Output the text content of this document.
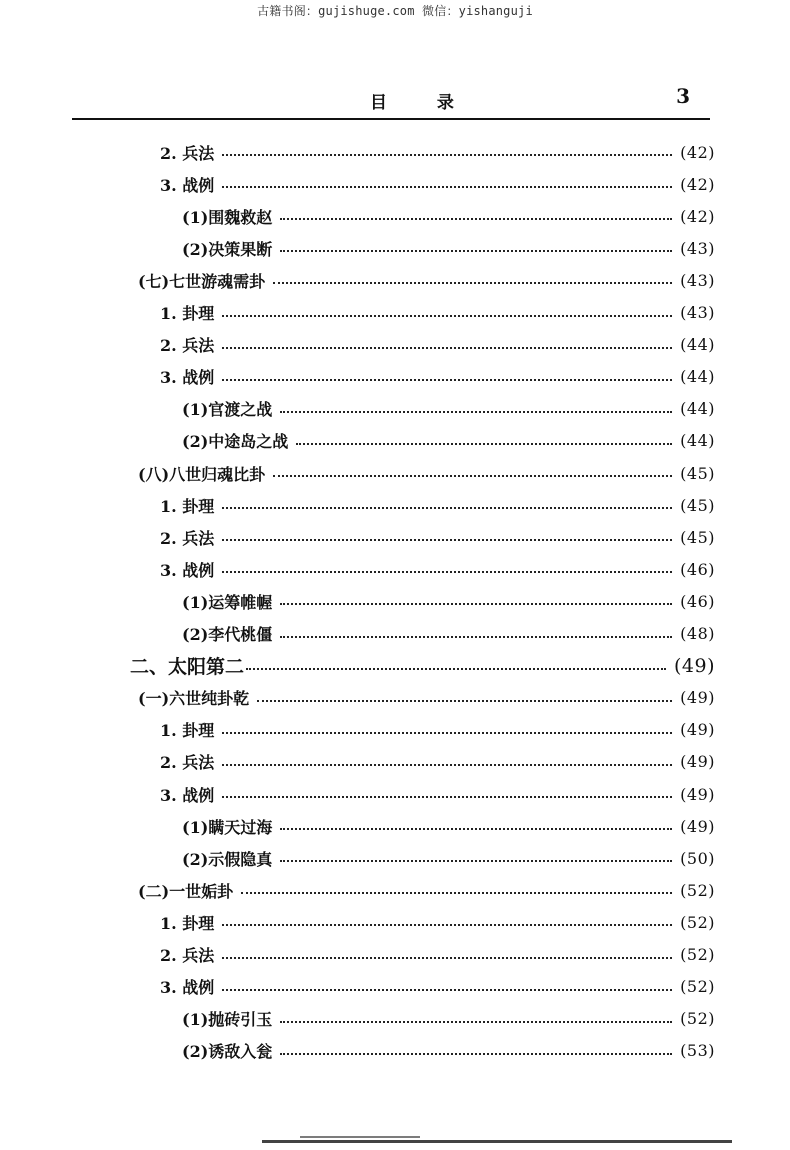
古籍书阁：gujishuge.com 微信：yishanguji
目 录	3
2. 兵法	(42)
3. 战例	(42)
(1)围魏救赵	(42)
(2)决策果断	(43)
(七)七世游魂需卦	(43)
1. 卦理	(43)
2. 兵法	(44)
3. 战例	(44)
(1)官渡之战	(44)
(2)中途岛之战	(44)
(八)八世归魂比卦	(45)
1. 卦理	(45)
2. 兵法	(45)
3. 战例	(46)
(1)运筹帷幄	(46)
(2)李代桃僵	(48)
二、太阳第二	(49)
(一)六世纯卦乾	(49)
1. 卦理	(49)
2. 兵法	(49)
3. 战例	(49)
(1)瞒天过海	(49)
(2)示假隐真	(50)
(二)一世姤卦	(52)
1. 卦理	(52)
2. 兵法	(52)
3. 战例	(52)
(1)抛砖引玉	(52)
(2)诱敌入瓮	(53)
